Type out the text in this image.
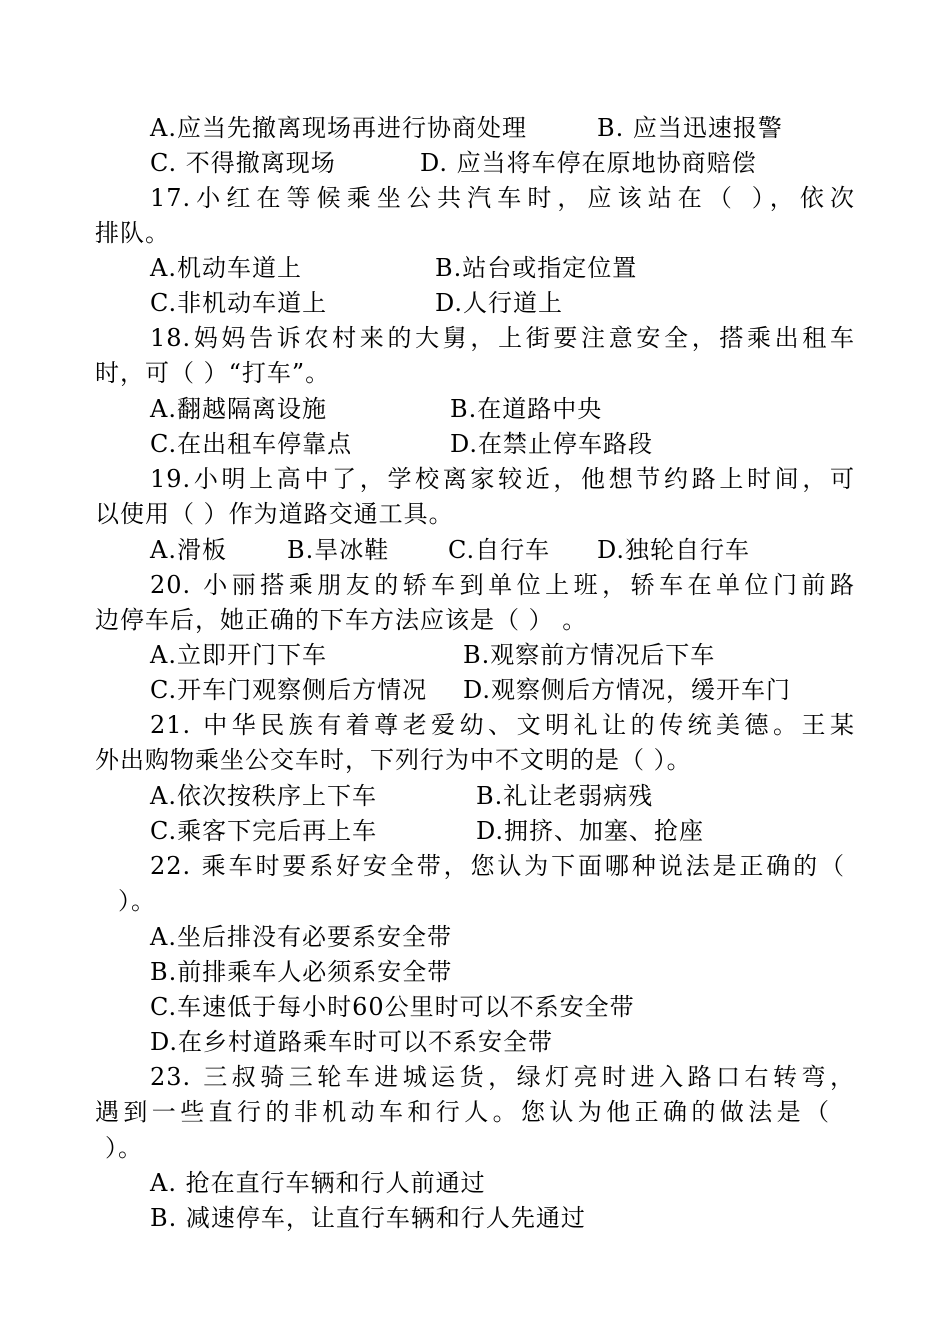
A.应当先撤离现场再进行协商处理	B. 应当迅速报警
C. 不得撤离现场	D. 应当将车停在原地协商赔偿
17.小红在等候乘坐公共汽车时，应该站在（ ），依次
排队。
A.机动车道上	B.站台或指定位置
C.非机动车道上	D.人行道上
18.妈妈告诉农村来的大舅，上街要注意安全，搭乘出租车
时，可（ ）“打车”。
A.翻越隔离设施	B.在道路中央
C.在出租车停靠点	D.在禁止停车路段
19.小明上高中了，学校离家较近，他想节约路上时间，可
以使用（ ）作为道路交通工具。
A.滑板	B.旱冰鞋 C.自行车 D.独轮自行车
20. 小丽搭乘朋友的轿车到单位上班，轿车在单位门前路
边停车后，她正确的下车方法应该是（ ） 。
A.立即开门下车	B.观察前方情况后下车
C.开车门观察侧后方情况 D.观察侧后方情况，缓开车门
21. 中华民族有着尊老爱幼、文明礼让的传统美德。王某
外出购物乘坐公交车时，下列行为中不文明的是（ ）。
A.依次按秩序上下车	B.礼让老弱病残
C.乘客下完后再上车	D.拥挤、加塞、抢座
22. 乘车时要系好安全带，您认为下面哪种说法是正确的（
）。
A.坐后排没有必要系安全带
B.前排乘车人必须系安全带
C.车速低于每小时60公里时可以不系安全带
D.在乡村道路乘车时可以不系安全带
23. 三叔骑三轮车进城运货，绿灯亮时进入路口右转弯，
遇到一些直行的非机动车和行人。您认为他正确的做法是（
）。
A. 抢在直行车辆和行人前通过
B. 减速停车，让直行车辆和行人先通过
